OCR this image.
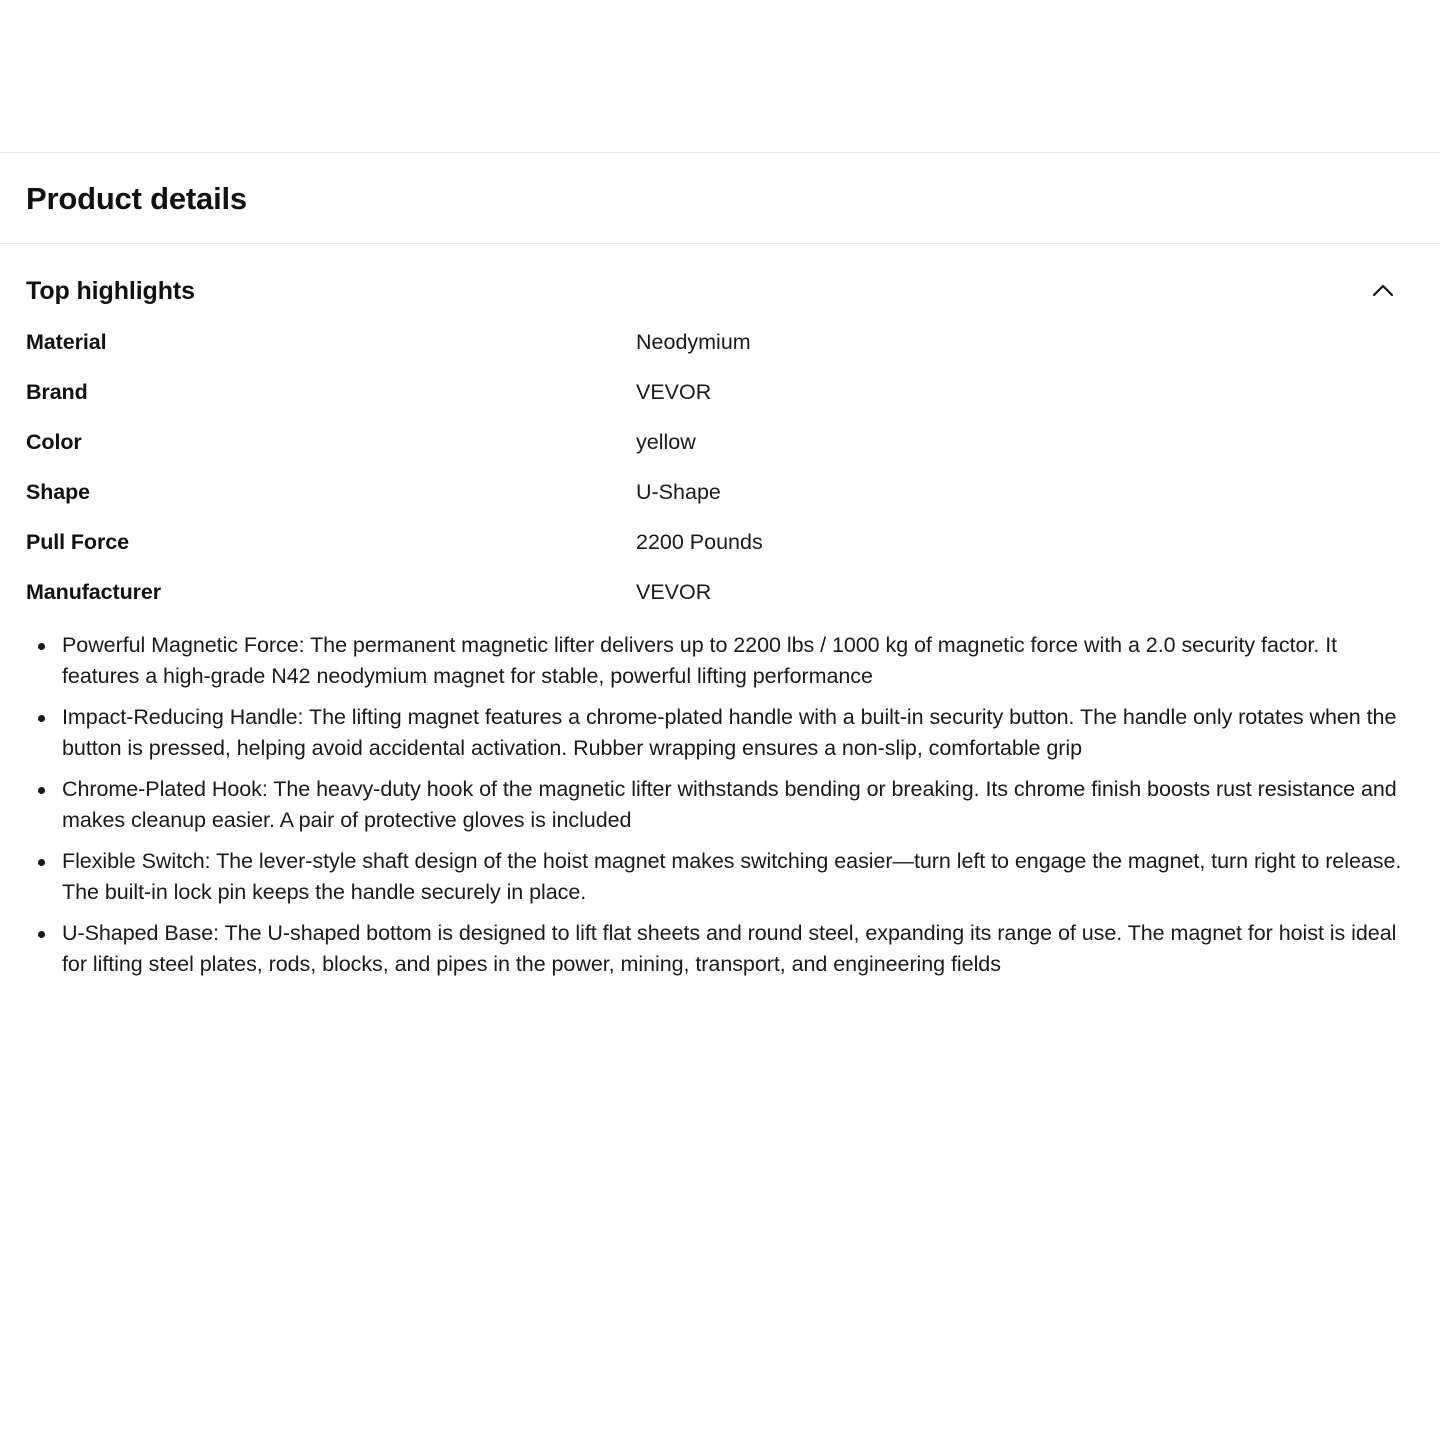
Product details
Top highlights
Material	Neodymium
Brand	VEVOR
Color	yellow
Shape	U-Shape
Pull Force	2200 Pounds
Manufacturer	VEVOR
Powerful Magnetic Force: The permanent magnetic lifter delivers up to 2200 lbs / 1000 kg of magnetic force with a 2.0 security factor. It features a high-grade N42 neodymium magnet for stable, powerful lifting performance
Impact-Reducing Handle: The lifting magnet features a chrome-plated handle with a built-in security button. The handle only rotates when the button is pressed, helping avoid accidental activation. Rubber wrapping ensures a non-slip, comfortable grip
Chrome-Plated Hook: The heavy-duty hook of the magnetic lifter withstands bending or breaking. Its chrome finish boosts rust resistance and makes cleanup easier. A pair of protective gloves is included
Flexible Switch: The lever-style shaft design of the hoist magnet makes switching easier—turn left to engage the magnet, turn right to release. The built-in lock pin keeps the handle securely in place.
U-Shaped Base: The U-shaped bottom is designed to lift flat sheets and round steel, expanding its range of use. The magnet for hoist is ideal for lifting steel plates, rods, blocks, and pipes in the power, mining, transport, and engineering fields
